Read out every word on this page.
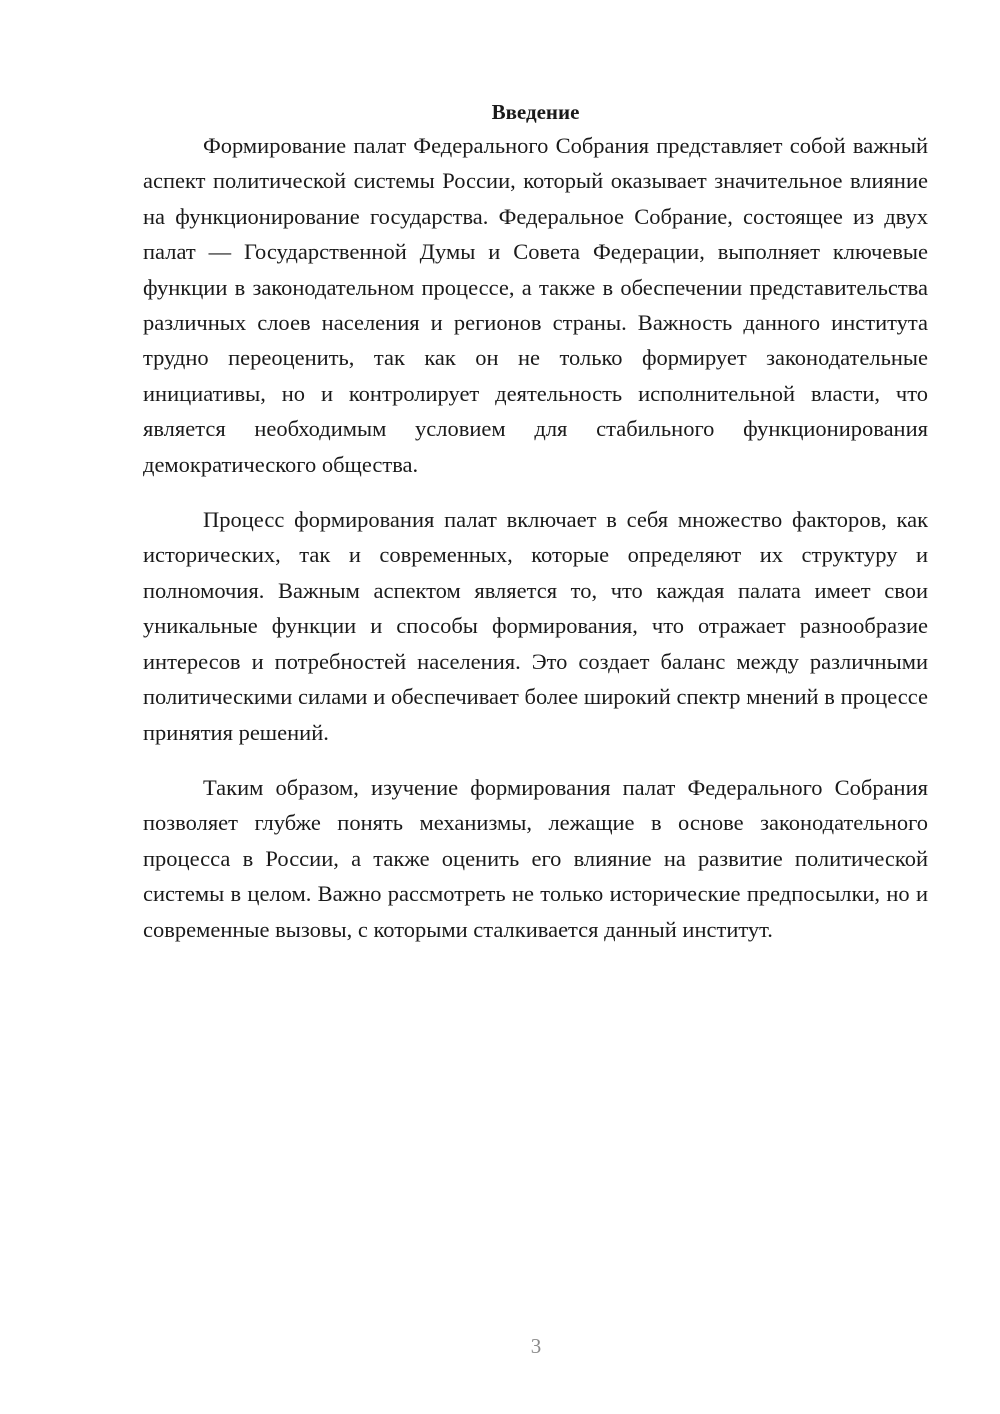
Введение

Формирование палат Федерального Собрания представляет собой важный аспект политической системы России, который оказывает значительное влияние на функционирование государства. Федеральное Собрание, состоящее из двух палат — Государственной Думы и Совета Федерации, выполняет ключевые функции в законодательном процессе, а также в обеспечении представительства различных слоев населения и регионов страны. Важность данного института трудно переоценить, так как он не только формирует законодательные инициативы, но и контролирует деятельность исполнительной власти, что является необходимым условием для стабильного функционирования демократического общества.

Процесс формирования палат включает в себя множество факторов, как исторических, так и современных, которые определяют их структуру и полномочия. Важным аспектом является то, что каждая палата имеет свои уникальные функции и способы формирования, что отражает разнообразие интересов и потребностей населения. Это создает баланс между различными политическими силами и обеспечивает более широкий спектр мнений в процессе принятия решений.

Таким образом, изучение формирования палат Федерального Собрания позволяет глубже понять механизмы, лежащие в основе законодательного процесса в России, а также оценить его влияние на развитие политической системы в целом. Важно рассмотреть не только исторические предпосылки, но и современные вызовы, с которыми сталкивается данный институт.

3
